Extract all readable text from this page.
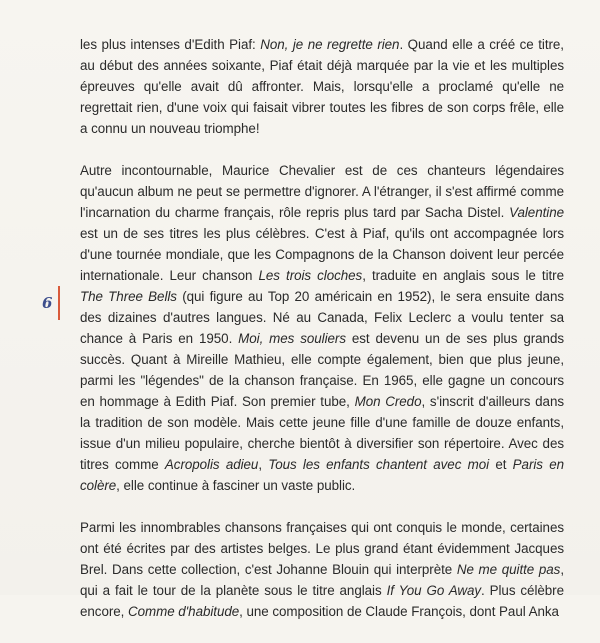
6

les plus intenses d'Edith Piaf: Non, je ne regrette rien. Quand elle a créé ce titre, au début des années soixante, Piaf était déjà marquée par la vie et les multiples épreuves qu'elle avait dû affronter. Mais, lorsqu'elle a proclamé qu'elle ne regrettait rien, d'une voix qui faisait vibrer toutes les fibres de son corps frêle, elle a connu un nouveau triomphe!

Autre incontournable, Maurice Chevalier est de ces chanteurs légendaires qu'aucun album ne peut se permettre d'ignorer. A l'étranger, il s'est affirmé comme l'incarnation du charme français, rôle repris plus tard par Sacha Distel. Valentine est un de ses titres les plus célèbres. C'est à Piaf, qu'ils ont accompagnée lors d'une tournée mondiale, que les Compagnons de la Chanson doivent leur percée internationale. Leur chanson Les trois cloches, traduite en anglais sous le titre The Three Bells (qui figure au Top 20 américain en 1952), le sera ensuite dans des dizaines d'autres langues. Né au Canada, Felix Leclerc a voulu tenter sa chance à Paris en 1950. Moi, mes souliers est devenu un de ses plus grands succès. Quant à Mireille Mathieu, elle compte également, bien que plus jeune, parmi les "légendes" de la chanson française. En 1965, elle gagne un concours en hommage à Edith Piaf. Son premier tube, Mon Credo, s'inscrit d'ailleurs dans la tradition de son modèle. Mais cette jeune fille d'une famille de douze enfants, issue d'un milieu populaire, cherche bientôt à diversifier son répertoire. Avec des titres comme Acropolis adieu, Tous les enfants chantent avec moi et Paris en colère, elle continue à fasciner un vaste public.

Parmi les innombrables chansons françaises qui ont conquis le monde, certaines ont été écrites par des artistes belges. Le plus grand étant évidemment Jacques Brel. Dans cette collection, c'est Johanne Blouin qui interprète Ne me quitte pas, qui a fait le tour de la planète sous le titre anglais If You Go Away. Plus célèbre encore, Comme d'habitude, une composition de Claude François, dont Paul Anka
